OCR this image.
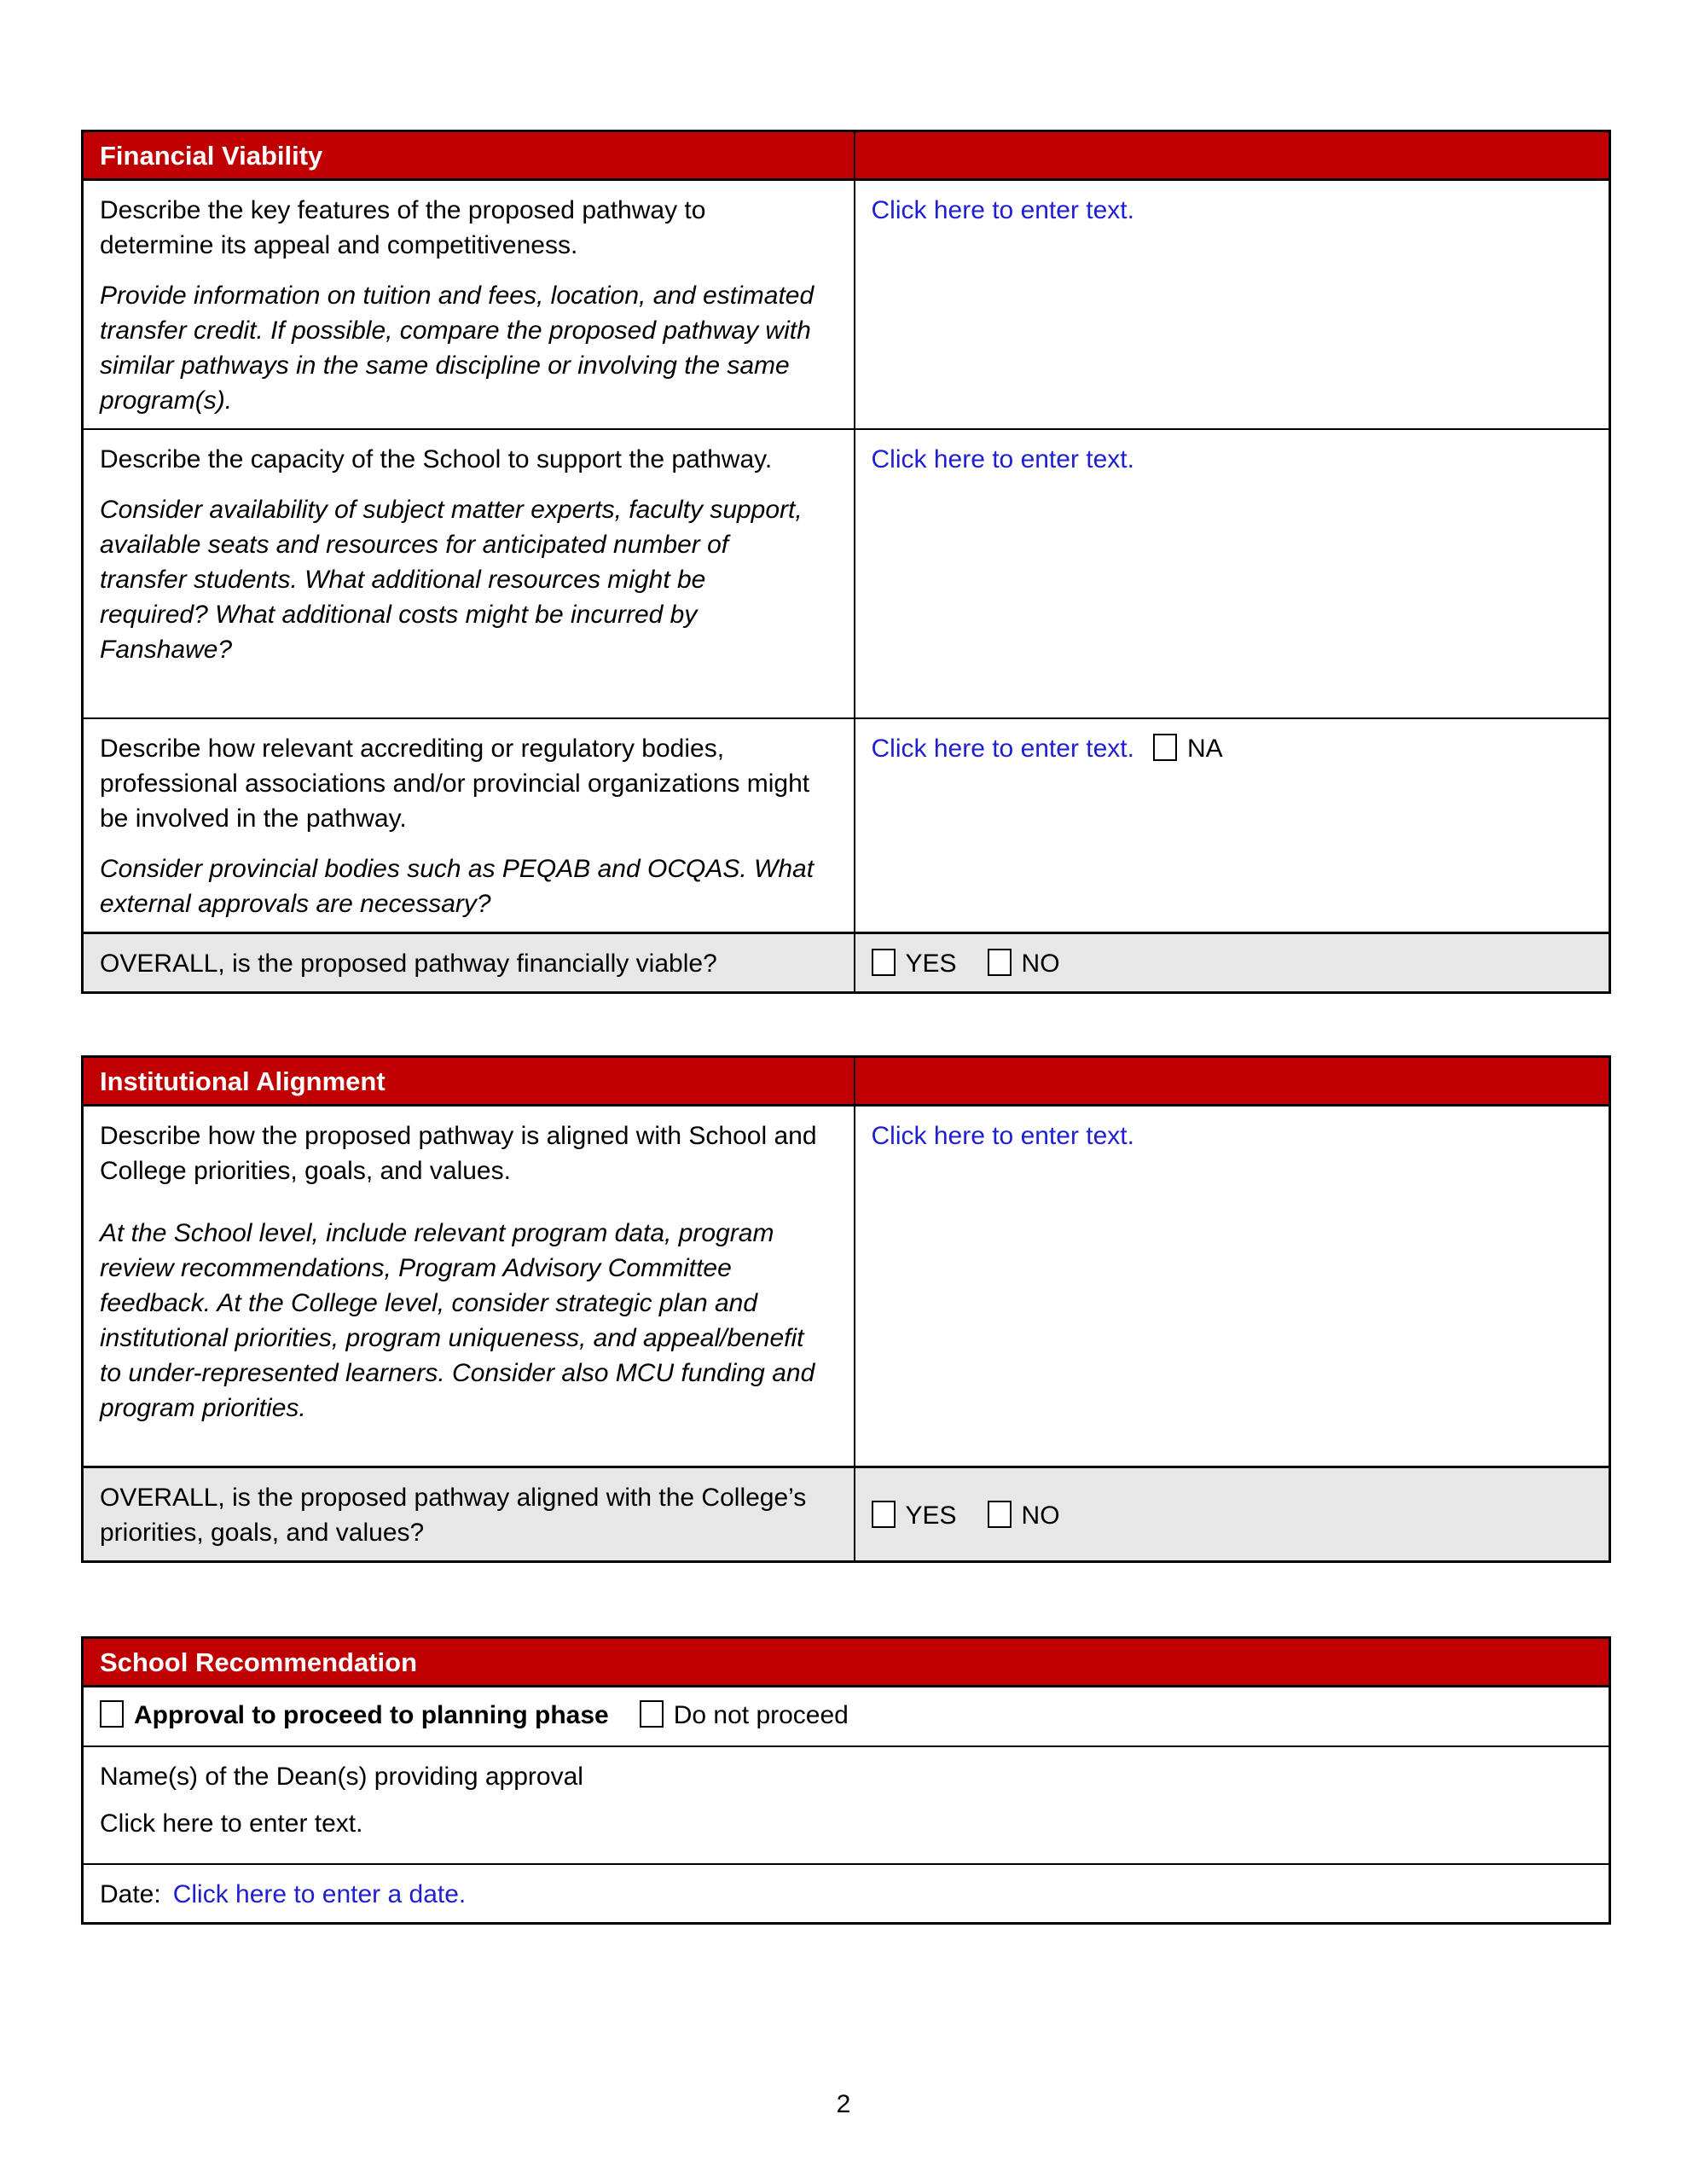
Financial Viability	

Describe the key features of the proposed pathway to determine its appeal and competitiveness.

Provide information on tuition and fees, location, and estimated transfer credit. If possible, compare the proposed pathway with similar pathways in the same discipline or involving the same program(s).	Click here to enter text.

Describe the capacity of the School to support the pathway.

Consider availability of subject matter experts, faculty support, available seats and resources for anticipated number of transfer students. What additional resources might be required? What additional costs might be incurred by Fanshawe?	Click here to enter text.

Describe how relevant accrediting or regulatory bodies, professional associations and/or provincial organizations might be involved in the pathway.

Consider provincial bodies such as PEQAB and OCQAS. What external approvals are necessary?	Click here to enter text. NA
OVERALL, is the proposed pathway financially viable?	YES NO
Institutional Alignment	

Describe how the proposed pathway is aligned with School and College priorities, goals, and values.

At the School level, include relevant program data, program review recommendations, Program Advisory Committee feedback. At the College level, consider strategic plan and institutional priorities, program uniqueness, and appeal/benefit to under-represented learners. Consider also MCU funding and program priorities.	Click here to enter text.
OVERALL, is the proposed pathway aligned with the College’s priorities, goals, and values?	YES NO
School Recommendation
Approval to proceed to planning phase	Do not proceed

Name(s) of the Dean(s) providing approval

Click here to enter text.

Date: Click here to enter a date.
2
